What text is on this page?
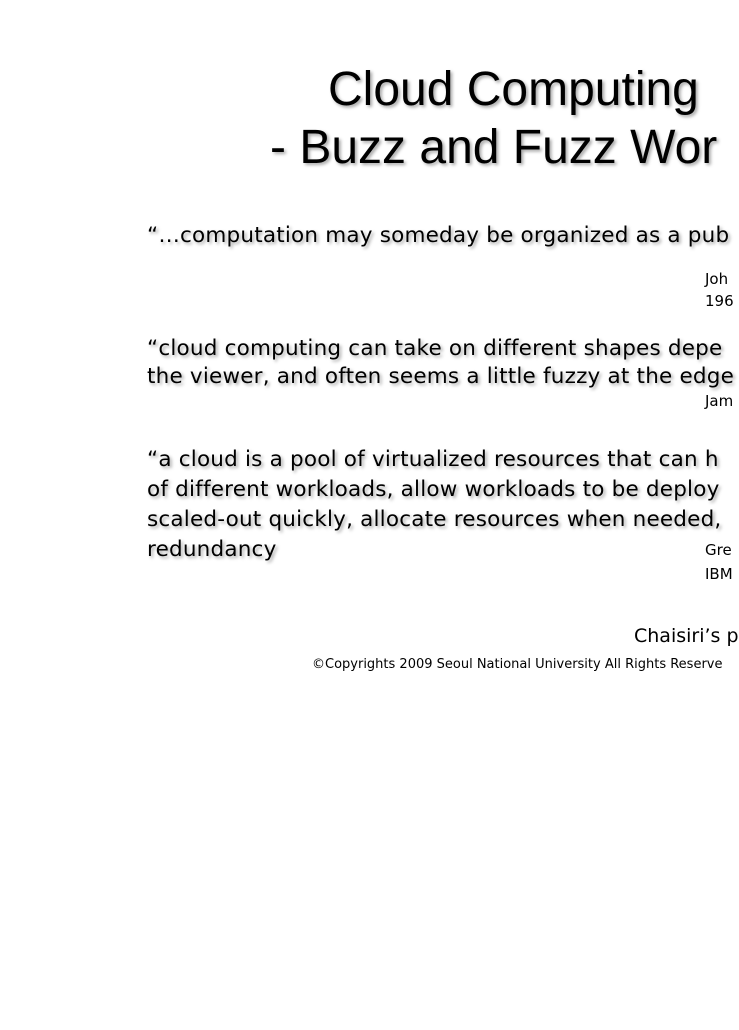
Cloud Computing
- Buzz and Fuzz Wor
“…computation may someday be organized as a pub
Joh
196
“cloud computing can take on different shapes depe
the viewer, and often seems a little fuzzy at the edge
Jam
“a cloud is a pool of virtualized resources that can h
of different workloads, allow workloads to be deploy
scaled-out quickly, allocate resources when needed,
redundancy	Gre
IBM
Chaisiri’s p
©Copyrights 2009 Seoul National University All Rights Reserve
